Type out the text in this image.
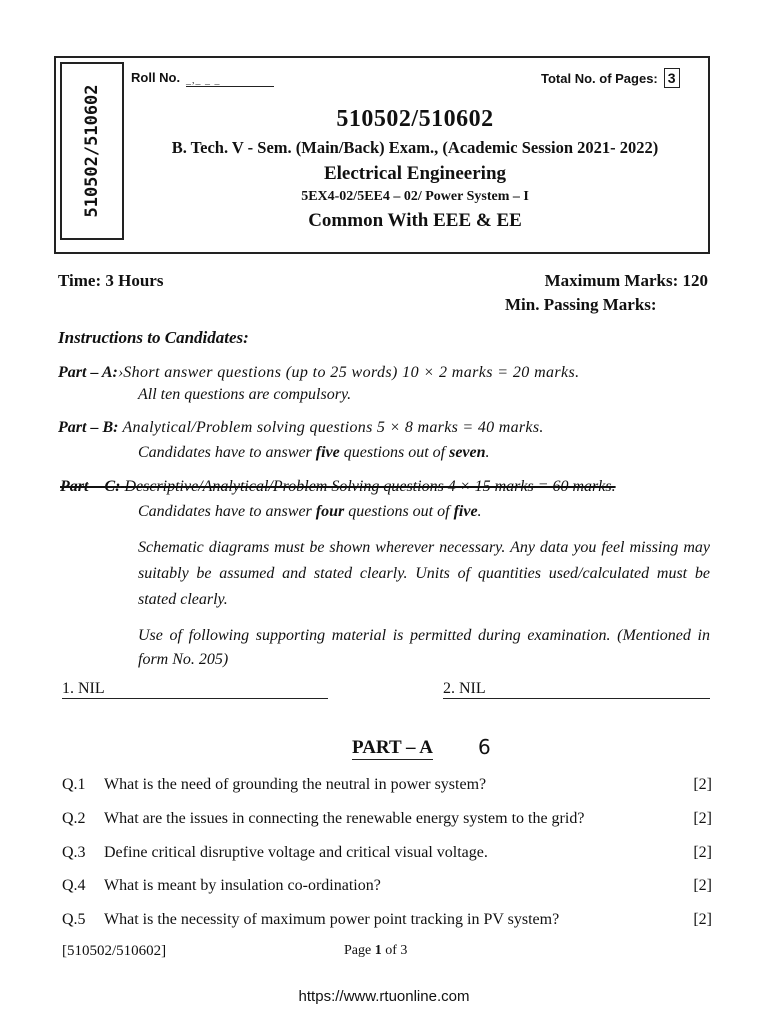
510502/510602
Roll No. _,_ _ _	Total No. of Pages: 3
510502/510602
B. Tech. V - Sem. (Main/Back) Exam., (Academic Session 2021- 2022)
Electrical Engineering
5EX4-02/5EE4 – 02/ Power System – I
Common With EEE & EE
Time: 3 Hours	Maximum Marks: 120
Min. Passing Marks:
Instructions to Candidates:
Part – A:›Short answer questions (up to 25 words) 10 × 2 marks = 20 marks.
All ten questions are compulsory.
Part – B: Analytical/Problem solving questions 5 × 8 marks = 40 marks.
Candidates have to answer five questions out of seven.
Part – C: Descriptive/Analytical/Problem Solving questions 4 × 15 marks = 60 marks.
Candidates have to answer four questions out of five.
Schematic diagrams must be shown wherever necessary. Any data you feel missing may suitably be assumed and stated clearly. Units of quantities used/calculated must be stated clearly.
Use of following supporting material is permitted during examination. (Mentioned in form No. 205)
1. NIL	2. NIL
PART – A 6
Q.1 What is the need of grounding the neutral in power system?	[2]
Q.2 What are the issues in connecting the renewable energy system to the grid?	[2]
Q.3 Define critical disruptive voltage and critical visual voltage.	[2]
Q.4 What is meant by insulation co-ordination?	[2]
Q.5 What is the necessity of maximum power point tracking in PV system?	[2]
[510502/510602]	Page 1 of 3
https://www.rtuonline.com
